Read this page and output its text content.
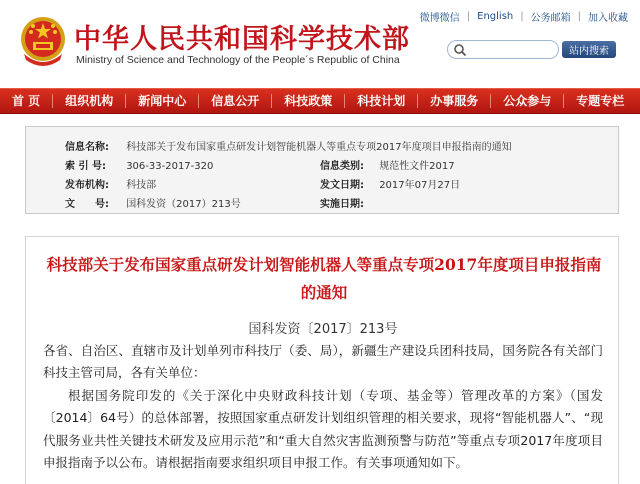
中华人民共和国科学技术部
Ministry of Science and Technology of the People´s Republic of China
微博微信 | English | 公务邮箱 | 加入收藏
站内搜索
首 页	组织机构	新闻中心	信息公开	科技政策	科技计划	办事服务	公众参与	专题专栏
信息名称: 科技部关于发布国家重点研发计划智能机器人等重点专项2017年度项目申报指南的通知
索 引 号: 306-33-2017-320	信息类别: 规范性文件2017
发布机构: 科技部	发文日期: 2017年07月27日
文　　号: 国科发资（2017）213号	实施日期:
科技部关于发布国家重点研发计划智能机器人等重点专项2017年度项目申报指南的通知
国科发资〔2017〕213号

各省、自治区、直辖市及计划单列市科技厅（委、局），新疆生产建设兵团科技局，国务院各有关部门科技主管司局，各有关单位：

根据国务院印发的《关于深化中央财政科技计划（专项、基金等）管理改革的方案》（国发〔2014〕64号）的总体部署，按照国家重点研发计划组织管理的相关要求，现将“智能机器人”、“现代服务业共性关键技术研发及应用示范”和“重大自然灾害监测预警与防范”等重点专项2017年度项目申报指南予以公布。请根据指南要求组织项目申报工作。有关事项通知如下。
